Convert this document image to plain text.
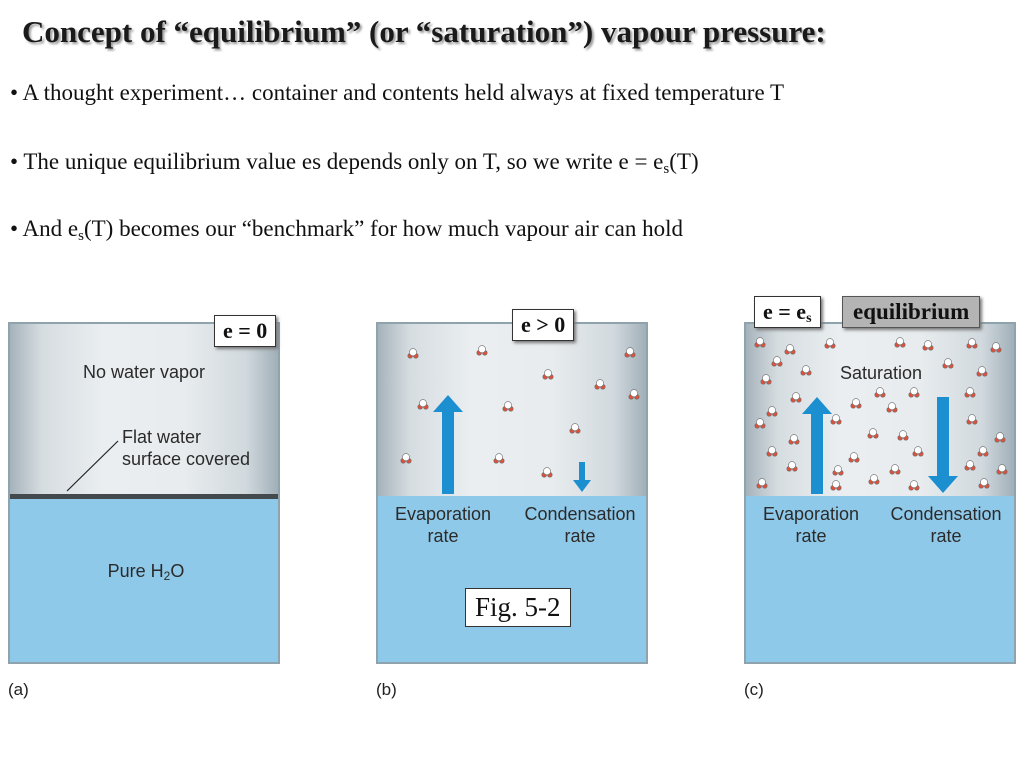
Concept of “equilibrium” (or “saturation”) vapour pressure:
• A thought experiment… container and contents held always at fixed temperature T
• The unique equilibrium value es depends only on T, so we write $e = e_s(T)$
• And $e_s(T)$ becomes our “benchmark” for how much vapour air can hold
No water vapor
Flat water
surface covered
Pure $H_2O$
e = 0
(a)
Evaporation
rate
Condensation
rate
e > 0
(b)
Saturation
Evaporation
rate
Condensation
rate
$e = e_s$	equilibrium
(c)
Fig. 5-2
